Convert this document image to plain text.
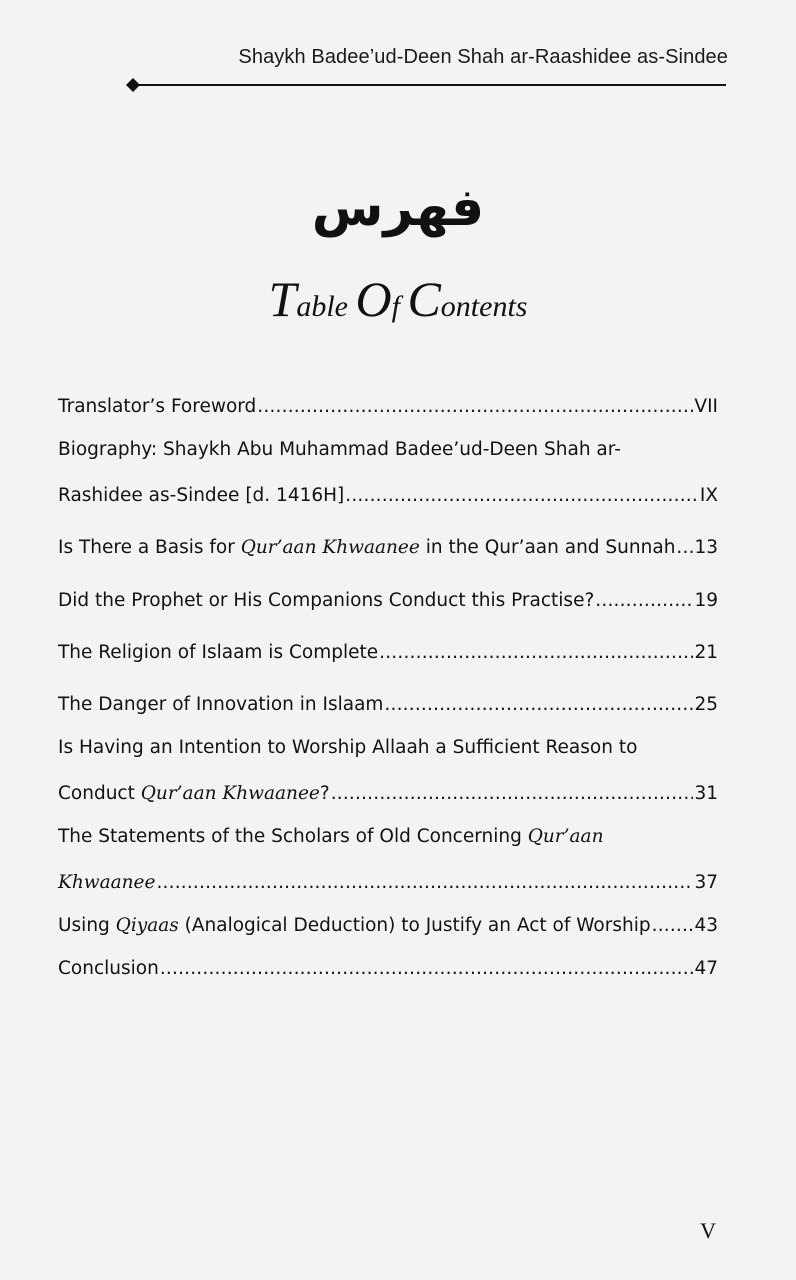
Shaykh Badee’ud-Deen Shah ar-Raashidee as-Sindee
فهرس
Table Of Contents
Translator’s Foreword .....	VII
Biography: Shaykh Abu Muhammad Badee’ud-Deen Shah ar-
Rashidee as-Sindee [d. 1416H] .....	IX
Is There a Basis for Qur’aan Khwaanee in the Qur’aan and Sunnah ..... 13
Did the Prophet or His Companions Conduct this Practise? .....	19
The Religion of Islaam is Complete .....	21
The Danger of Innovation in Islaam .....	25
Is Having an Intention to Worship Allaah a Sufficient Reason to
Conduct Qur’aan Khwaanee? .....	31
The Statements of the Scholars of Old Concerning Qur’aan
Khwaanee .....	37
Using Qiyaas (Analogical Deduction) to Justify an Act of Worship ..... 43
Conclusion .....	47
V
